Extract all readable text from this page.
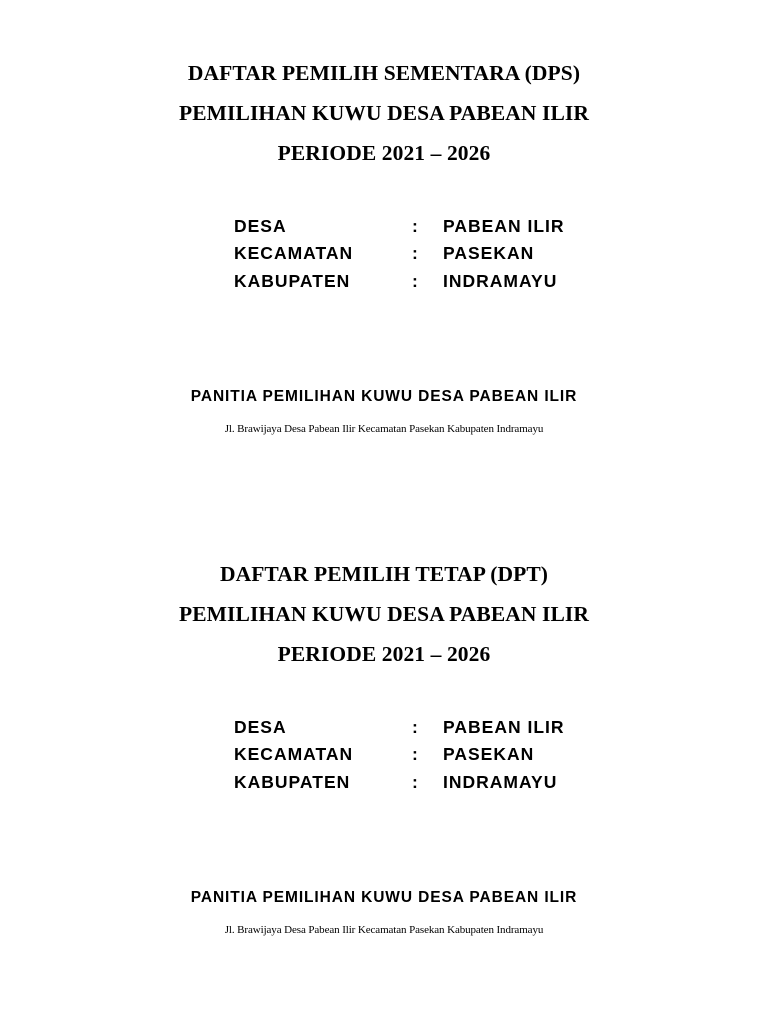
DAFTAR PEMILIH SEMENTARA (DPS)
PEMILIHAN KUWU DESA PABEAN ILIR
PERIODE 2021 – 2026
DESA	: PABEAN ILIR
KECAMATAN	: PASEKAN
KABUPATEN	: INDRAMAYU
PANITIA PEMILIHAN KUWU DESA PABEAN ILIR
Jl. Brawijaya Desa Pabean Ilir Kecamatan Pasekan Kabupaten Indramayu
DAFTAR PEMILIH TETAP (DPT)
PEMILIHAN KUWU DESA PABEAN ILIR
PERIODE 2021 – 2026
DESA	: PABEAN ILIR
KECAMATAN	: PASEKAN
KABUPATEN	: INDRAMAYU
PANITIA PEMILIHAN KUWU DESA PABEAN ILIR
Jl. Brawijaya Desa Pabean Ilir Kecamatan Pasekan Kabupaten Indramayu
